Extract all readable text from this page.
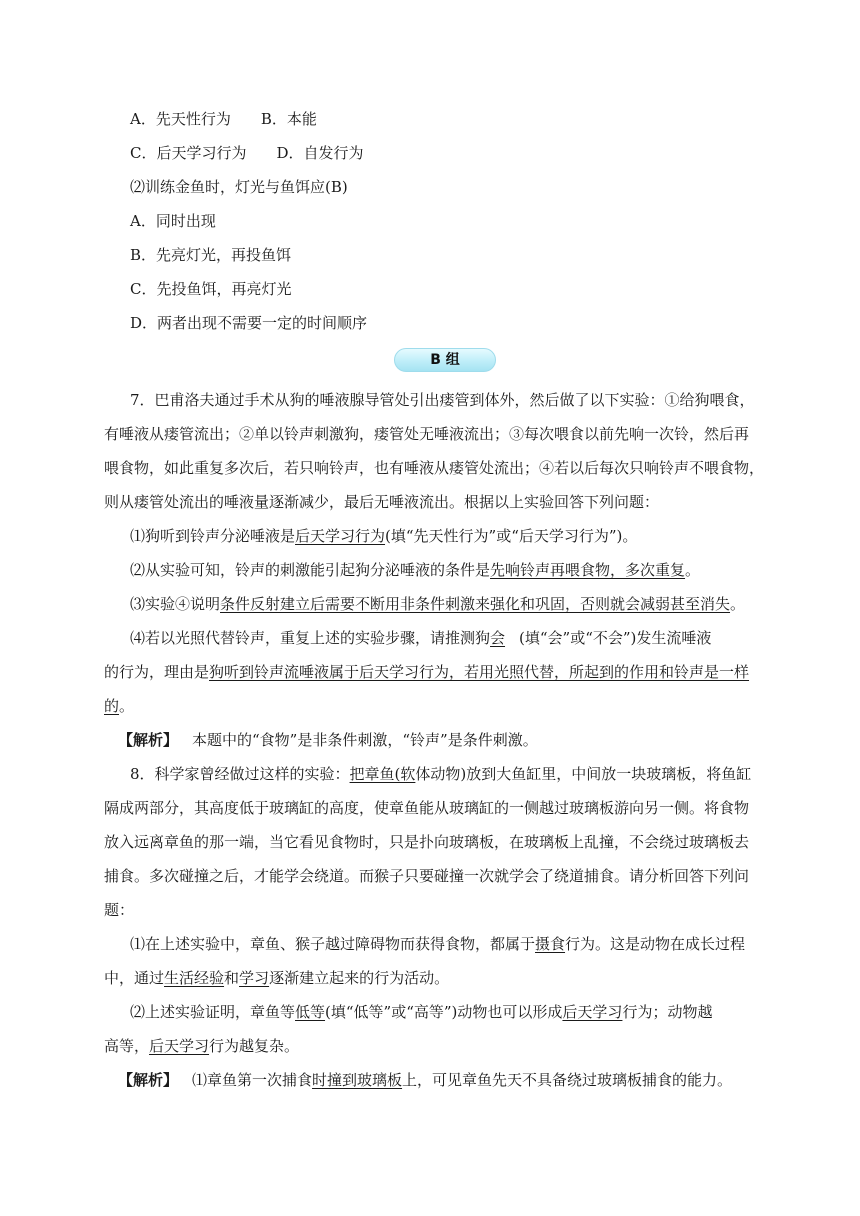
A．先天性行为 B．本能
C．后天学习行为 D．自发行为
⑵训练金鱼时，灯光与鱼饵应(B)
A．同时出现
B．先亮灯光，再投鱼饵
C．先投鱼饵，再亮灯光
D．两者出现不需要一定的时间顺序
B 组
7．巴甫洛夫通过手术从狗的唾液腺导管处引出瘘管到体外，然后做了以下实验：①给狗喂食，
有唾液从瘘管流出；②单以铃声刺激狗，瘘管处无唾液流出；③每次喂食以前先响一次铃，然后再
喂食物，如此重复多次后，若只响铃声，也有唾液从瘘管处流出；④若以后每次只响铃声不喂食物，
则从瘘管处流出的唾液量逐渐减少，最后无唾液流出。根据以上实验回答下列问题：
⑴狗听到铃声分泌唾液是后天学习行为(填“先天性行为”或“后天学习行为”)。
⑵从实验可知，铃声的刺激能引起狗分泌唾液的条件是先响铃声再喂食物，多次重复。
⑶实验④说明条件反射建立后需要不断用非条件刺激来强化和巩固，否则就会减弱甚至消失。
⑷若以光照代替铃声，重复上述的实验步骤，请推测狗会 (填“会”或“不会”)发生流唾液
的行为，理由是狗听到铃声流唾液属于后天学习行为，若用光照代替，所起到的作用和铃声是一样
的。
【解析】 本题中的“食物”是非条件刺激，“铃声”是条件刺激。
8．科学家曾经做过这样的实验：把章鱼(软体动物)放到大鱼缸里，中间放一块玻璃板，将鱼缸
隔成两部分，其高度低于玻璃缸的高度，使章鱼能从玻璃缸的一侧越过玻璃板游向另一侧。将食物
放入远离章鱼的那一端，当它看见食物时，只是扑向玻璃板，在玻璃板上乱撞，不会绕过玻璃板去
捕食。多次碰撞之后，才能学会绕道。而猴子只要碰撞一次就学会了绕道捕食。请分析回答下列问
题：
⑴在上述实验中，章鱼、猴子越过障碍物而获得食物，都属于摄食行为。这是动物在成长过程
中，通过生活经验和学习逐渐建立起来的行为活动。
⑵上述实验证明，章鱼等低等(填“低等”或“高等”)动物也可以形成后天学习行为；动物越
高等，后天学习行为越复杂。
【解析】 ⑴章鱼第一次捕食时撞到玻璃板上，可见章鱼先天不具备绕过玻璃板捕食的能力。
